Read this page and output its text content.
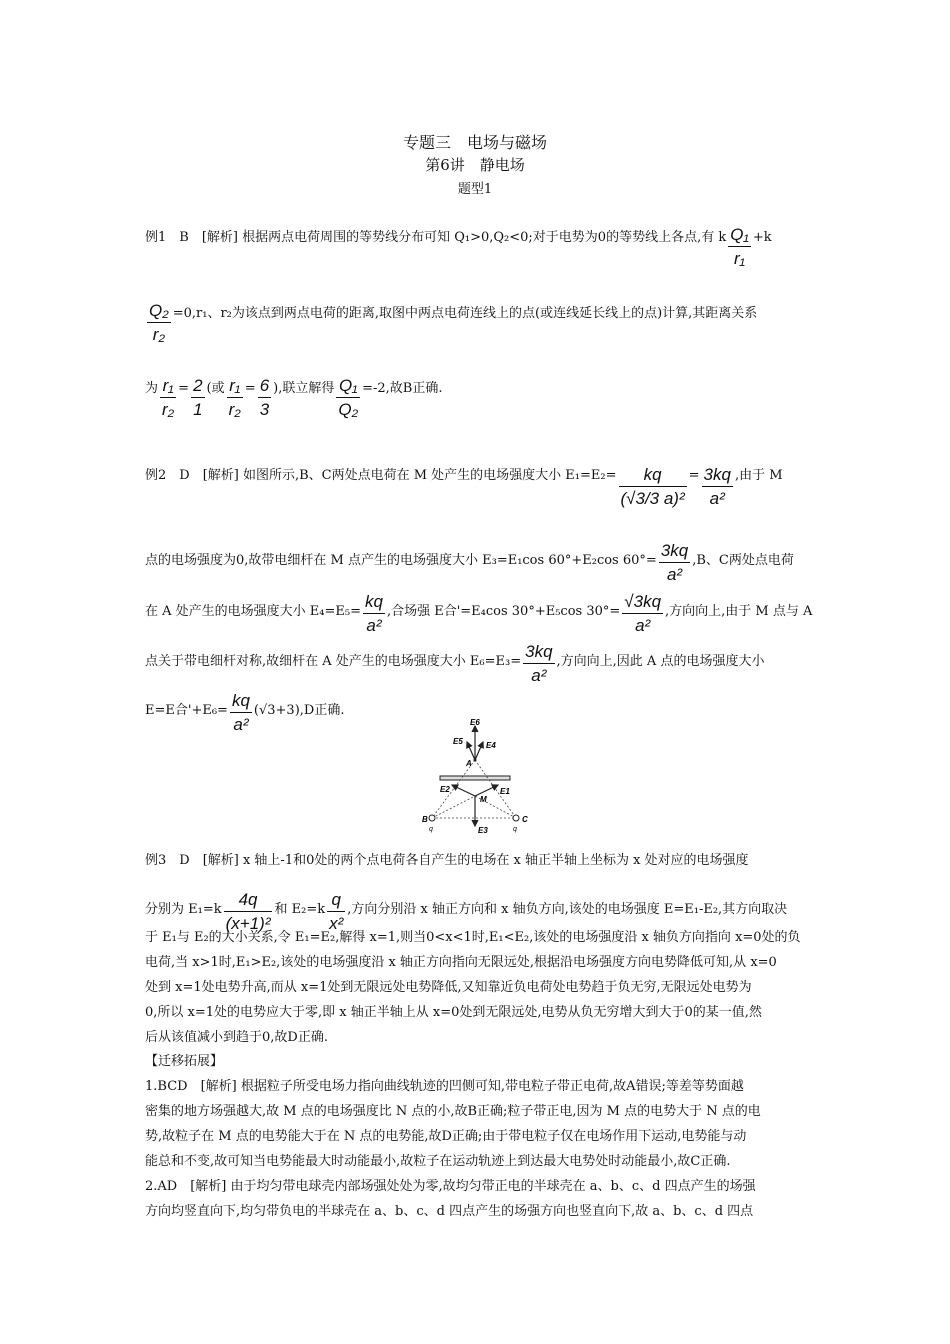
专题三　电场与磁场
第6讲　静电场
题型1
例1　B　[解析] 根据两点电荷周围的等势线分布可知 Q₁>0,Q₂<0;对于电势为0的等势线上各点,有 k $\frac{\text{Q₁}}{\text{r₁}} +k$
$\frac{\text{Q₂}}{\text{r₂}} =0,r_1$、r₂为该点到两点电荷的距离,取图中两点电荷连线上的点(或连线延长线上的点)计算,其距离关系
为 $\frac{\text{r₁}}{\text{r₂}} = \frac{2}{1}$ (或 $\frac{\text{r₁}}{\text{r₂}} = \frac{6}{3}$ ),联立解得 $\frac{\text{Q₁}}{\text{Q₂}} =-2$,故B正确.
例2　D　[解析] 如图所示,B、C两处点电荷在 M 处产生的电场强度大小 $E_1=E_2= \frac{kq}{\text{(√3/3 a)²}} = \frac{3kq}{\text{a²}}$ ,由于 M
点的电场强度为0,故带电细杆在 M 点产生的电场强度大小 E₃=E₁cos 60°+E₂cos $60^\circ= \frac{3kq}{\text{a²}} ,B$、C两处点电荷
在 A 处产生的电场强度大小 $E_4=E_5= \frac{kq}{\text{a²}}$ ,合场强 E合'=E₄cos 30°+E₅cos $30^\circ= \frac{√3kq}{\text{a²}}$ ,方向向上,由于 M 点与 A
点关于带电细杆对称,故细杆在 A 处产生的电场强度大小 $E_6=E_3= \frac{3kq}{\text{a²}}$ ,方向向上,因此 A 点的电场强度大小
E=E合'$+E_6= \frac{kq}{\text{a²}} (√3+3),D$正确.
E6
E5	E4
A
E2	E1
M
B	C
q	q
E3
例3　D　[解析] x 轴上-1和0处的两个点电荷各自产生的电场在 x 轴正半轴上坐标为 x 处对应的电场强度
分别为 $E_1=k \frac{4q}{\text{(x+1)²}}$ 和 $E_2=k \frac{q}{\text{x²}}$ ,方向分别沿 x 轴正方向和 x 轴负方向,该处的电场强度 E=E₁-E₂,其方向取决
于 E₁与 E₂的大小关系,令 E₁=E₂,解得 x=1,则当0<x<1时,E₁<E₂,该处的电场强度沿 x 轴负方向指向 x=0处的负
电荷,当 x>1时,E₁>E₂,该处的电场强度沿 x 轴正方向指向无限远处,根据沿电场强度方向电势降低可知,从 x=0
处到 x=1处电势升高,而从 x=1处到无限远处电势降低,又知靠近负电荷处电势趋于负无穷,无限远处电势为
0,所以 x=1处的电势应大于零,即 x 轴正半轴上从 x=0处到无限远处,电势从负无穷增大到大于0的某一值,然
后从该值减小到趋于0,故D正确.
【迁移拓展】
1.BCD　[解析] 根据粒子所受电场力指向曲线轨迹的凹侧可知,带电粒子带正电荷,故A错误;等差等势面越
密集的地方场强越大,故 M 点的电场强度比 N 点的小,故B正确;粒子带正电,因为 M 点的电势大于 N 点的电
势,故粒子在 M 点的电势能大于在 N 点的电势能,故D正确;由于带电粒子仅在电场作用下运动,电势能与动
能总和不变,故可知当电势能最大时动能最小,故粒子在运动轨迹上到达最大电势处时动能最小,故C正确.
2.AD　[解析] 由于均匀带电球壳内部场强处处为零,故均匀带正电的半球壳在 a、b、c、d 四点产生的场强
方向均竖直向下,均匀带负电的半球壳在 a、b、c、d 四点产生的场强方向也竖直向下,故 a、b、c、d 四点
